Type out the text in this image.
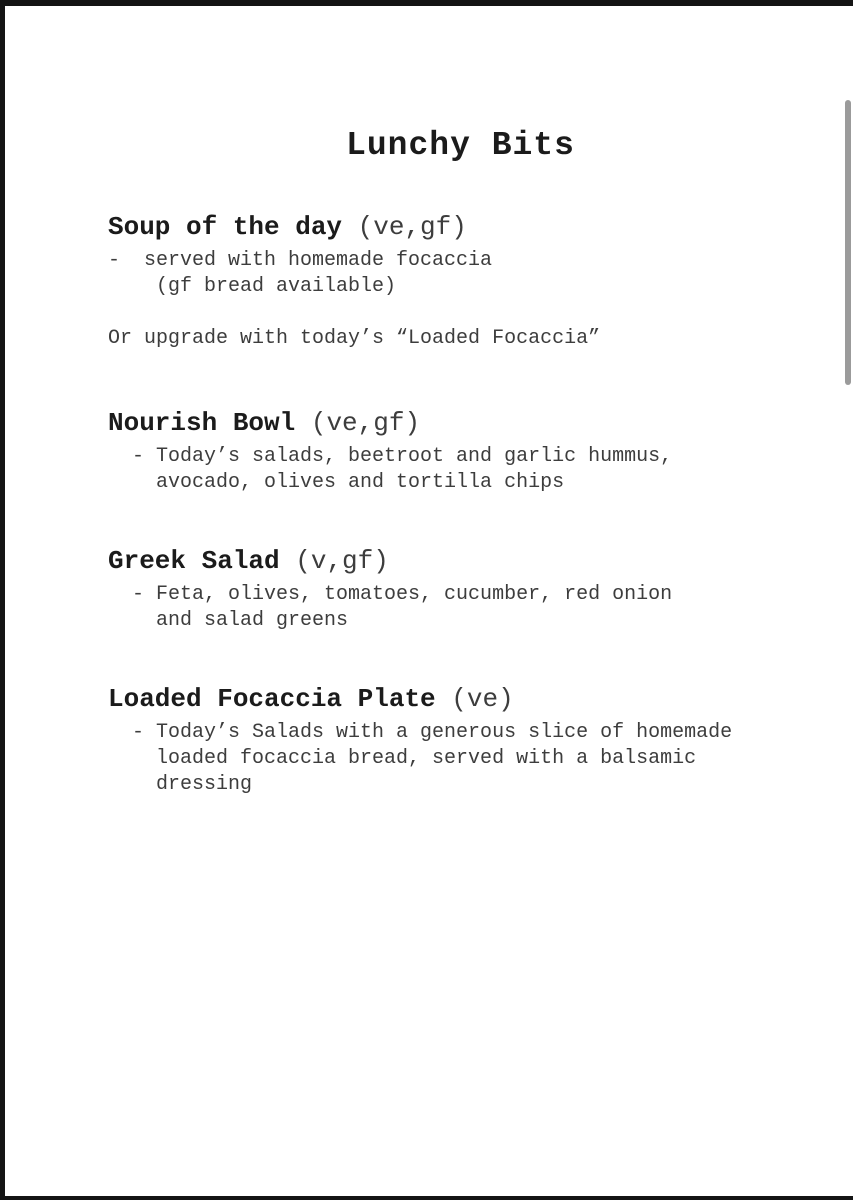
Lunchy Bits
Soup of the day (ve,gf)
-  served with homemade focaccia
(gf bread available)
Or upgrade with today’s “Loaded Focaccia”
Nourish Bowl (ve,gf)
- Today’s salads, beetroot and garlic hummus,
avocado, olives and tortilla chips
Greek Salad (v,gf)
- Feta, olives, tomatoes, cucumber, red onion
and salad greens
Loaded Focaccia Plate (ve)
- Today’s Salads with a generous slice of homemade
loaded focaccia bread, served with a balsamic
dressing
